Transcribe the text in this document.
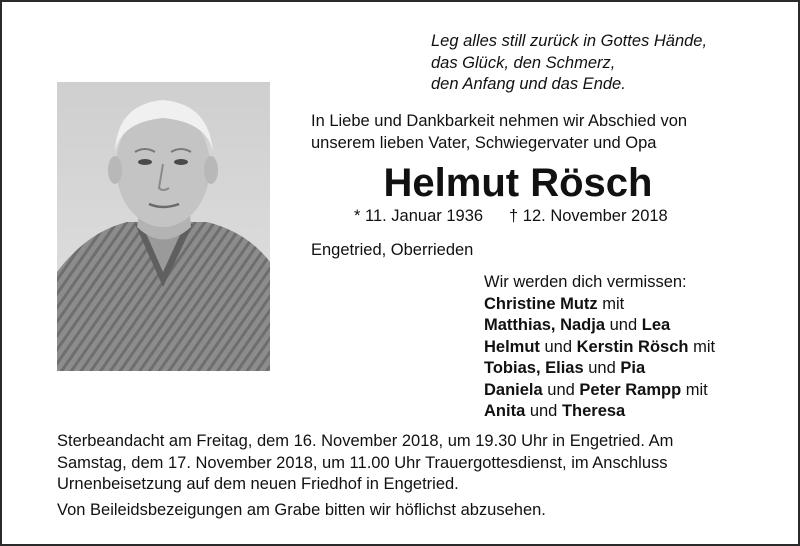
Leg alles still zurück in Gottes Hände,
das Glück, den Schmerz,
den Anfang und das Ende.
In Liebe und Dankbarkeit nehmen wir Abschied von
unserem lieben Vater, Schwiegervater und Opa
Helmut Rösch
* 11. Januar 1936 † 12. November 2018
Engetried, Oberrieden
Wir werden dich vermissen:
Christine Mutz mit
Matthias, Nadja und Lea
Helmut und Kerstin Rösch mit
Tobias, Elias und Pia
Daniela und Peter Rampp mit
Anita und Theresa
Sterbeandacht am Freitag, dem 16. November 2018, um 19.30 Uhr in Engetried. Am
Samstag, dem 17. November 2018, um 11.00 Uhr Trauergottesdienst, im Anschluss
Urnenbeisetzung auf dem neuen Friedhof in Engetried.
Von Beileidsbezeigungen am Grabe bitten wir höflichst abzusehen.
